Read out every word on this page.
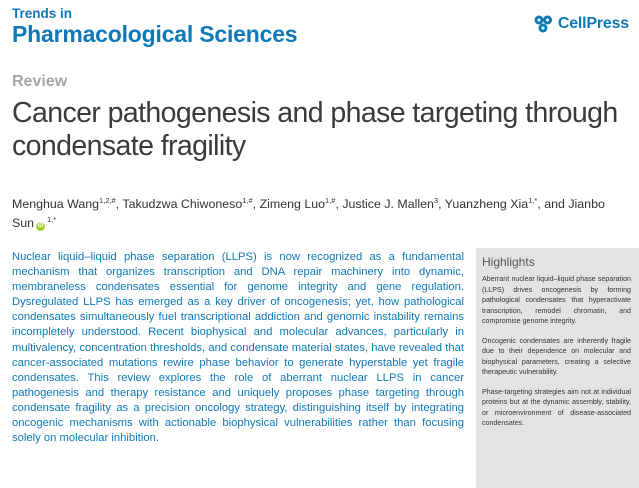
Trends in
Pharmacological Sciences	CellPress
Review
Cancer pathogenesis and phase targeting through condensate fragility
Menghua Wang$^{1,2,\#}$, Takudzwa Chiwoneso$^{1,\#}$, Zimeng Luo$^{1,\#}$, Justice J. Mallen$^3$, Yuanzheng Xia$^{1,*}$, and Jianbo Sun $iD^{1,*}$
Nuclear liquid–liquid phase separation (LLPS) is now recognized as a fundamental mechanism that organizes transcription and DNA repair machinery into dynamic, membraneless condensates essential for genome integrity and gene regulation. Dysregulated LLPS has emerged as a key driver of oncogenesis; yet, how pathological condensates simultaneously fuel transcriptional addiction and genomic instability remains incompletely understood. Recent biophysical and molecular advances, particularly in multivalency, concentration thresholds, and condensate material states, have revealed that cancer-associated mutations rewire phase behavior to generate hyperstable yet fragile condensates. This review explores the role of aberrant nuclear LLPS in cancer pathogenesis and therapy resistance and uniquely proposes phase targeting through condensate fragility as a precision oncology strategy, distinguishing itself by integrating oncogenic mechanisms with actionable biophysical vulnerabilities rather than focusing solely on molecular inhibition.
Highlights

Aberrant nuclear liquid–liquid phase separation (LLPS) drives oncogenesis by forming pathological condensates that hyperactivate transcription, remodel chromatin, and compromise genome integrity.

Oncogenic condensates are inherently fragile due to their dependence on molecular and biophysical parameters, creating a selective therapeutic vulnerability.

Phase-targeting strategies aim not at individual proteins but at the dynamic assembly, stability, or microenvironment of disease-associated condensates.
